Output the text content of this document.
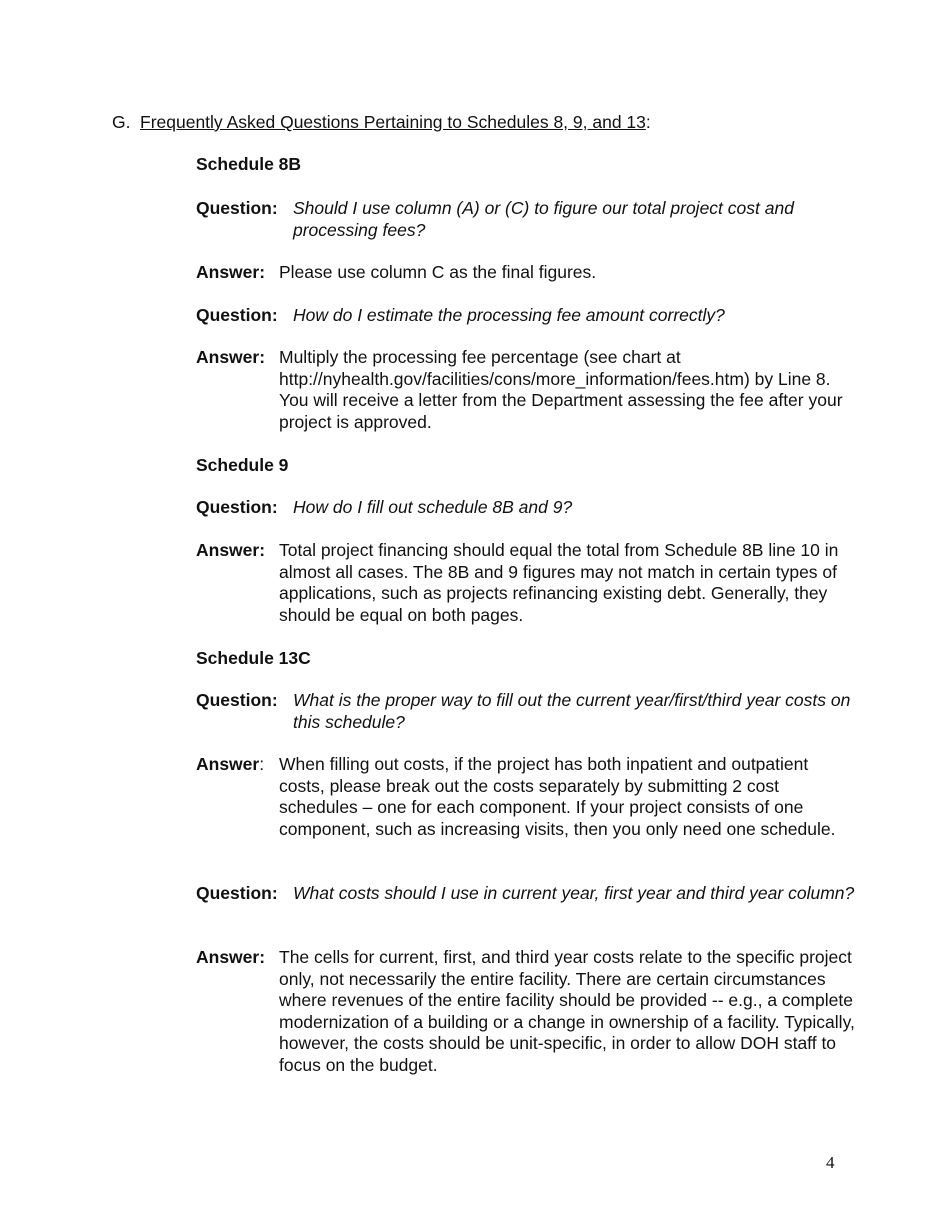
G. Frequently Asked Questions Pertaining to Schedules 8, 9, and 13:
Schedule 8B
Question: Should I use column (A) or (C) to figure our total project cost and processing fees?
Answer: Please use column C as the final figures.
Question: How do I estimate the processing fee amount correctly?
Answer: Multiply the processing fee percentage (see chart at http://nyhealth.gov/facilities/cons/more_information/fees.htm) by Line 8. You will receive a letter from the Department assessing the fee after your project is approved.
Schedule 9
Question: How do I fill out schedule 8B and 9?
Answer: Total project financing should equal the total from Schedule 8B line 10 in almost all cases. The 8B and 9 figures may not match in certain types of applications, such as projects refinancing existing debt. Generally, they should be equal on both pages.
Schedule 13C
Question: What is the proper way to fill out the current year/first/third year costs on this schedule?
Answer: When filling out costs, if the project has both inpatient and outpatient costs, please break out the costs separately by submitting 2 cost schedules – one for each component. If your project consists of one component, such as increasing visits, then you only need one schedule.
Question: What costs should I use in current year, first year and third year column?
Answer: The cells for current, first, and third year costs relate to the specific project only, not necessarily the entire facility. There are certain circumstances where revenues of the entire facility should be provided -- e.g., a complete modernization of a building or a change in ownership of a facility. Typically, however, the costs should be unit-specific, in order to allow DOH staff to focus on the budget.
4
